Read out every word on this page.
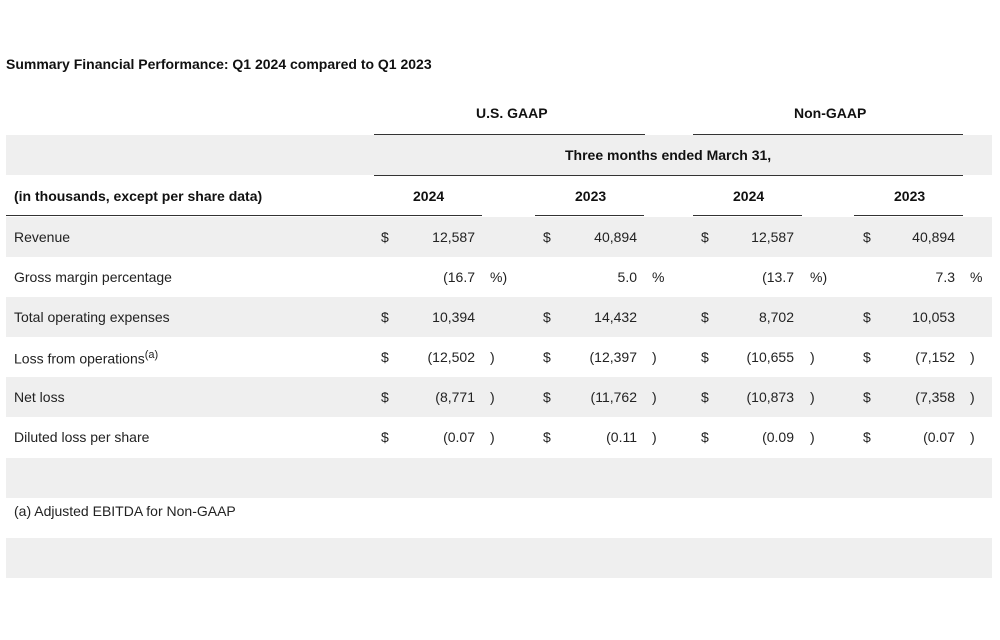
Summary Financial Performance: Q1 2024 compared to Q1 2023
U.S. GAAP	Non-GAAP
Three months ended March 31,
(in thousands, except per share data)	2024	2023	2024	2023
Revenue	$	12,587	$	40,894	$	12,587	$	40,894
Gross margin percentage	(16.7 %)	5.0 %	(13.7 %)	7.3 %
Total operating expenses	$	10,394	$	14,432	$	8,702	$	10,053
Loss from operations$^{(a)}$	$	(12,502 )	$	(12,397 )	$	(10,655 )	$	(7,152 )
Net loss	$	(8,771 )	$	(11,762 )	$	(10,873 )	$	(7,358 )
Diluted loss per share	$	(0.07 )	$	(0.11 )	$	(0.09 )	$	(0.07 )
(a) Adjusted EBITDA for Non-GAAP
